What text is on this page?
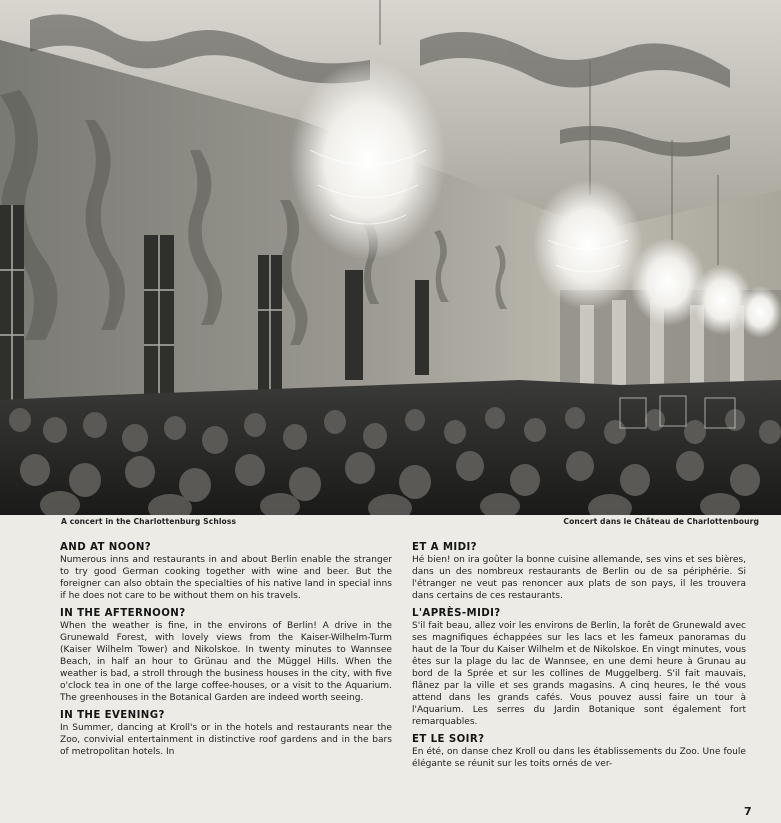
A concert in the Charlottenburg Schloss	Concert dans le Château de Charlottenbourg
AND AT NOON?

Numerous inns and restaurants in and about Berlin enable the stranger to try good German cooking together with wine and beer. But the foreigner can also obtain the specialties of his native land in special inns if he does not care to be without them on his travels.

IN THE AFTERNOON?

When the weather is fine, in the environs of Berlin! A drive in the Grunewald Forest, with lovely views from the Kaiser-Wilhelm-Turm (Kaiser Wilhelm Tower) and Nikolskoe. In twenty minutes to Wannsee Beach, in half an hour to Grünau and the Müggel Hills. When the weather is bad, a stroll through the business houses in the city, with five o'clock tea in one of the large coffee-houses, or a visit to the Aquarium. The greenhouses in the Botanical Garden are indeed worth seeing.

IN THE EVENING?

In Summer, dancing at Kroll's or in the hotels and restaurants near the Zoo, convivial entertainment in distinctive roof gardens and in the bars of metropolitan hotels. In

ET A MIDI?

Hé bien! on ira goûter la bonne cuisine allemande, ses vins et ses bières, dans un des nombreux restaurants de Berlin ou de sa périphérie. Si l'étranger ne veut pas renoncer aux plats de son pays, il les trouvera dans certains de ces restaurants.

L'APRÈS-MIDI?

S'il fait beau, allez voir les environs de Berlin, la forêt de Grunewald avec ses magnifiques échappées sur les lacs et les fameux panoramas du haut de la Tour du Kaiser Wilhelm et de Nikolskoe. En vingt minutes, vous êtes sur la plage du lac de Wannsee, en une demi heure à Grunau au bord de la Sprée et sur les collines de Muggelberg. S'il fait mauvais, flânez par la ville et ses grands magasins. A cinq heures, le thé vous attend dans les grands cafés. Vous pouvez aussi faire un tour à l'Aquarium. Les serres du Jardin Botanique sont également fort remarquables.

ET LE SOIR?

En été, on danse chez Kroll ou dans les établissements du Zoo. Une foule élégante se réunit sur les toits ornés de ver-

7
